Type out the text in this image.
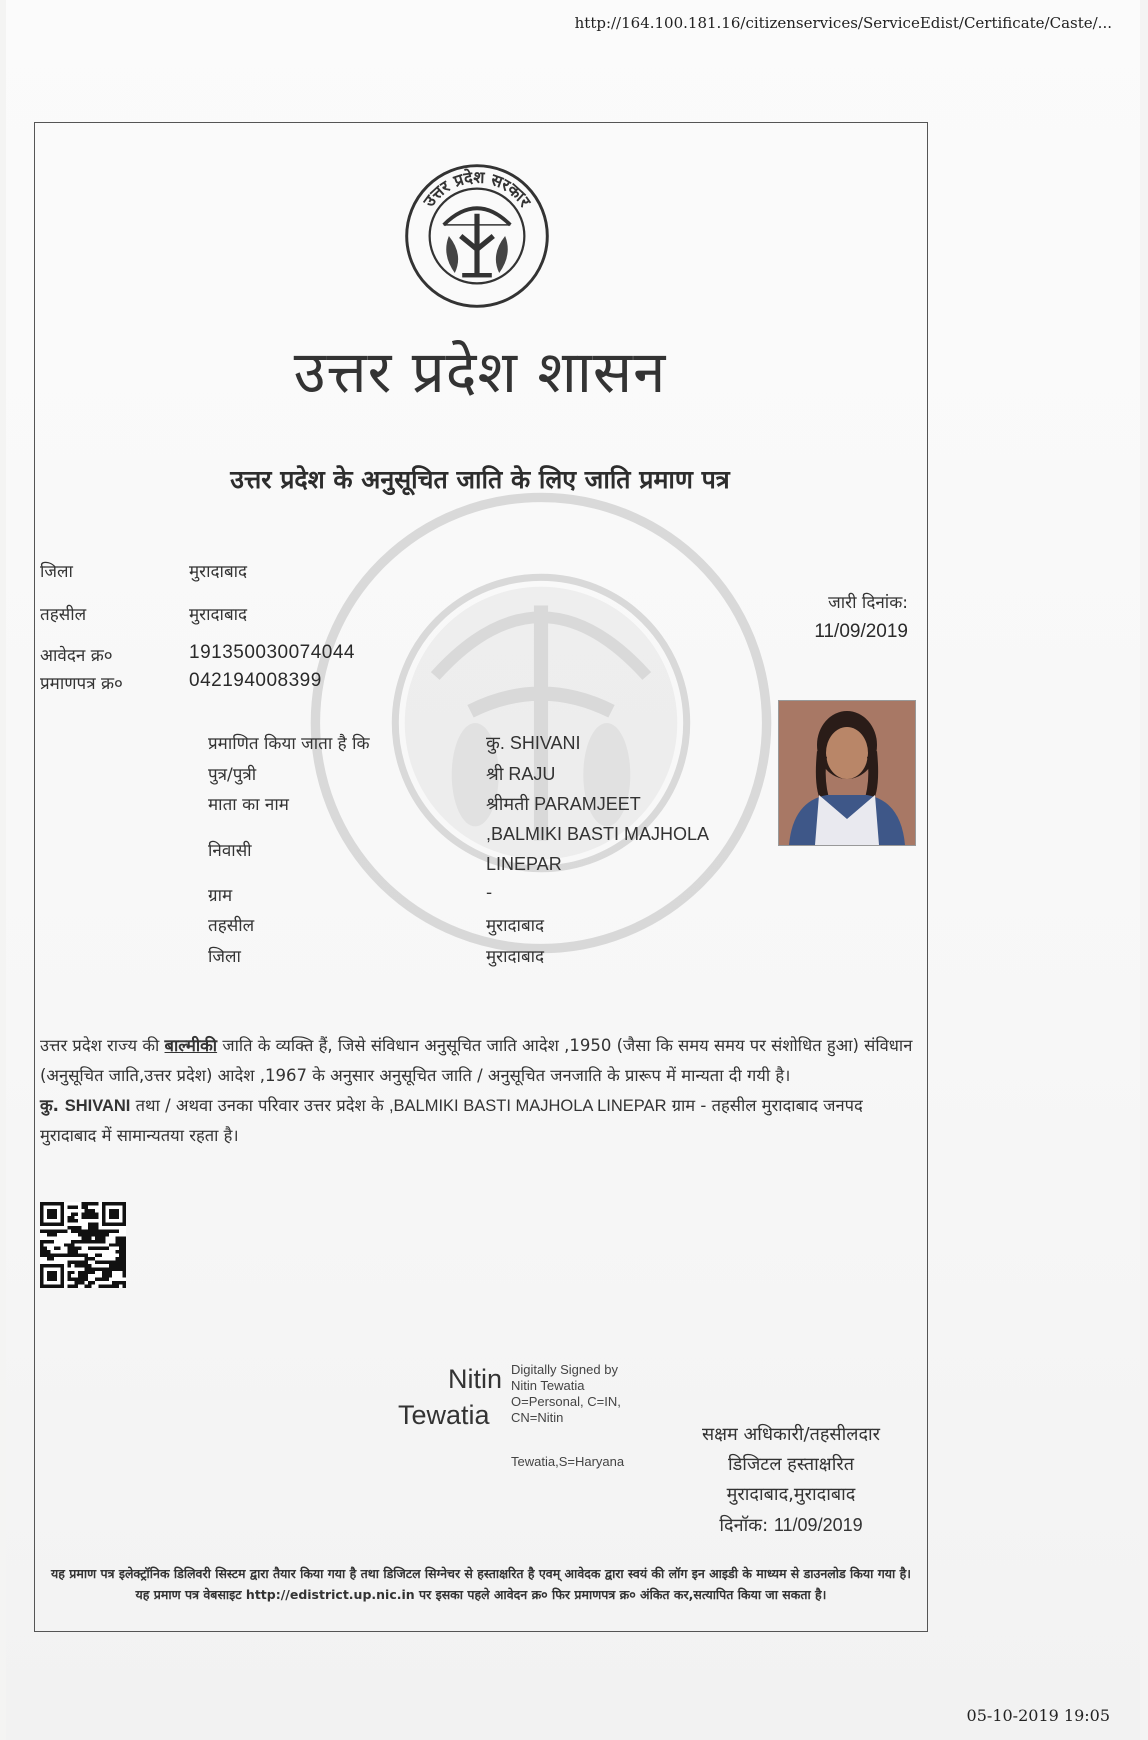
http://164.100.181.16/citizenservices/ServiceEdist/Certificate/Caste/...
उत्तर प्रदेश सरकार
उत्तर प्रदेश शासन
उत्तर प्रदेश के अनुसूचित जाति के लिए जाति प्रमाण पत्र
जिला	मुरादाबाद
तहसील	मुरादाबाद
आवेदन क्र०	191350030074044
प्रमाणपत्र क्र०	042194008399
जारी दिनांक:
11/09/2019
प्रमाणित किया जाता है कि	कु. SHIVANI
पुत्र/पुत्री	श्री RAJU
माता का नाम	श्रीमती PARAMJEET
निवासी
,BALMIKI BASTI MAJHOLA
LINEPAR
ग्राम	-
तहसील	मुरादाबाद
जिला	मुरादाबाद
उत्तर प्रदेश राज्य की बाल्मीकी जाति के व्यक्ति हैं, जिसे संविधान अनुसूचित जाति आदेश ,1950 (जैसा कि समय समय पर संशोधित हुआ) संविधान (अनुसूचित जाति,उत्तर प्रदेश) आदेश ,1967 के अनुसार अनुसूचित जाति / अनुसूचित जनजाति के प्रारूप में मान्यता दी गयी है।
कु. SHIVANI तथा / अथवा उनका परिवार उत्तर प्रदेश के ,BALMIKI BASTI MAJHOLA LINEPAR ग्राम - तहसील मुरादाबाद जनपद मुरादाबाद में सामान्यतया रहता है।
Nitin
Tewatia
Digitally Signed by
Nitin Tewatia
O=Personal, C=IN,
CN=Nitin
Tewatia,S=Haryana
सक्षम अधिकारी/तहसीलदार
डिजिटल हस्ताक्षरित
मुरादाबाद,मुरादाबाद
दिनॉक: 11/09/2019
यह प्रमाण पत्र इलेक्ट्रॉनिक डिलिवरी सिस्टम द्वारा तैयार किया गया है तथा डिजिटल सिग्नेचर से हस्ताक्षरित है एवम् आवेदक द्वारा स्वयं की लॉग इन आइडी के माध्यम से डाउनलोड किया गया है। यह प्रमाण पत्र वेबसाइट http://edistrict.up.nic.in पर इसका पहले आवेदन क्र० फिर प्रमाणपत्र क्र० अंकित कर,सत्यापित किया जा सकता है।
05-10-2019 19:05
